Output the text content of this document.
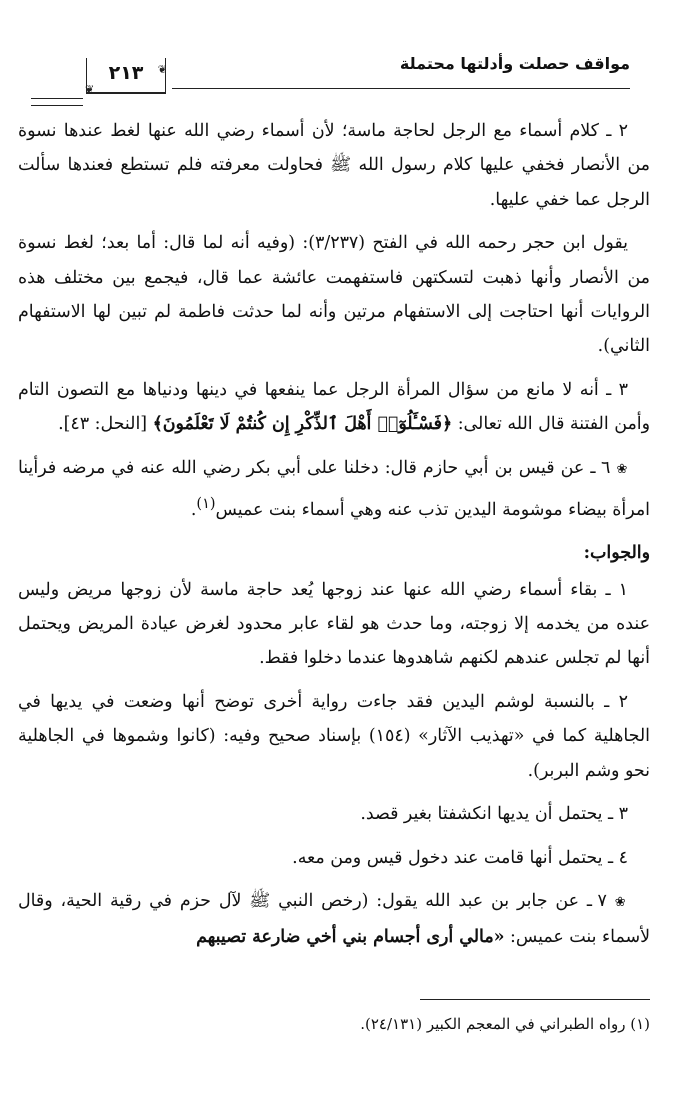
مواقف حصلت وأدلتها محتملة
❦
❦
٢١٣

٢ ـ كلام أسماء مع الرجل لحاجة ماسة؛ لأن أسماء رضي الله عنها لغط عندها نسوة من الأنصار فخفي عليها كلام رسول الله ﷺ فحاولت معرفته فلم تستطع فعندها سألت الرجل عما خفي عليها.

يقول ابن حجر رحمه الله في الفتح (٣/٢٣٧): (وفيه أنه لما قال: أما بعد؛ لغط نسوة من الأنصار وأنها ذهبت لتسكتهن فاستفهمت عائشة عما قال، فيجمع بين مختلف هذه الروايات أنها احتاجت إلى الاستفهام مرتين وأنه لما حدثت فاطمة لم تبين لها الاستفهام الثاني).

٣ ـ أنه لا مانع من سؤال المرأة الرجل عما ينفعها في دينها ودنياها مع التصون التام وأمن الفتنة قال الله تعالى: ﴿فَسْـَٔلُوٓا۟ أَهْلَ ٱلذِّكْرِ إِن كُنتُمْ لَا تَعْلَمُونَ﴾ [النحل: ٤٣].

❀ ٦ ـ عن قيس بن أبي حازم قال: دخلنا على أبي بكر رضي الله عنه في مرضه فرأينا امرأة بيضاء موشومة اليدين تذب عنه وهي أسماء بنت عميس$^{(١)}$.

والجواب:

١ ـ بقاء أسماء رضي الله عنها عند زوجها يُعد حاجة ماسة لأن زوجها مريض وليس عنده من يخدمه إلا زوجته، وما حدث هو لقاء عابر محدود لغرض عيادة المريض ويحتمل أنها لم تجلس عندهم لكنهم شاهدوها عندما دخلوا فقط.

٢ ـ بالنسبة لوشم اليدين فقد جاءت رواية أخرى توضح أنها وضعت في يديها في الجاهلية كما في «تهذيب الآثار» (١٥٤) بإسناد صحيح وفيه: (كانوا وشموها في الجاهلية نحو وشم البربر).

٣ ـ يحتمل أن يديها انكشفتا بغير قصد.

٤ ـ يحتمل أنها قامت عند دخول قيس ومن معه.

❀ ٧ ـ عن جابر بن عبد الله يقول: (رخص النبي ﷺ لآل حزم في رقية الحية، وقال لأسماء بنت عميس: «مالي أرى أجسام بني أخي ضارعة تصيبهم

(١) رواه الطبراني في المعجم الكبير (٢٤/١٣١).
